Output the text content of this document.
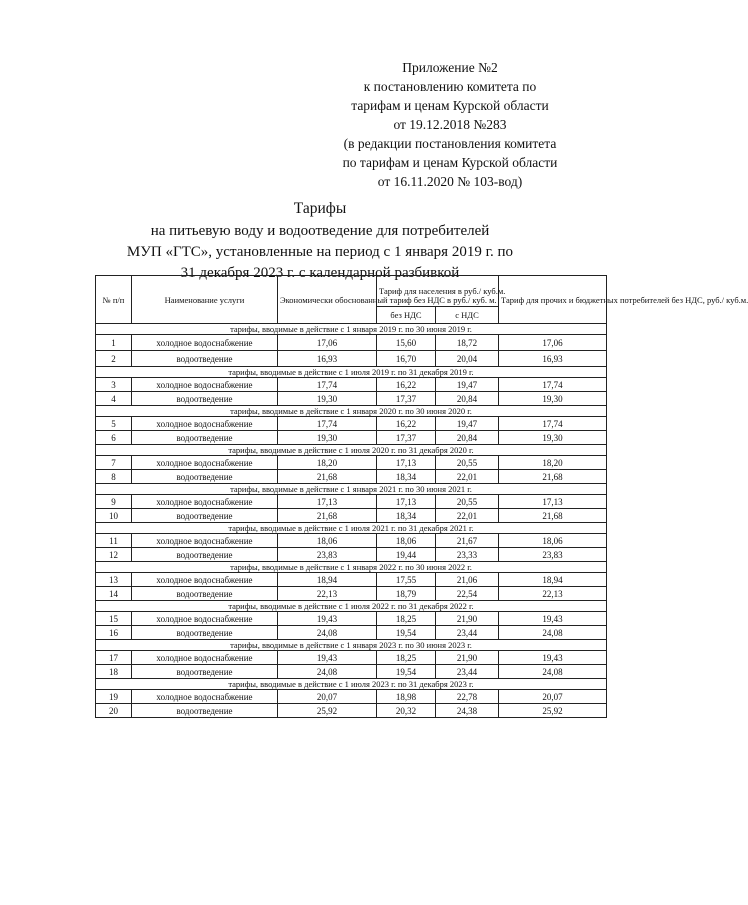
Приложение №2
к постановлению комитета по
тарифам и ценам Курской области
от 19.12.2018 №283
(в редакции постановления комитета
по тарифам и ценам Курской области
от 16.11.2020 № 103-вод)
Тарифы
на питьевую воду и водоотведение для потребителей
МУП «ГТС», установленные на период с 1 января 2019 г. по
31 декабря 2023 г. с календарной разбивкой
№ п/п	Наименование услуги	Экономически обоснованный тариф без НДС в руб./ куб. м.	Тариф для населения в руб./ куб.м.		Тариф для прочих и бюджетных потребителей без НДС, руб./ куб.м.
			без НДС	с НДС	
тарифы, вводимые в действие с 1 января 2019 г. по 30 июня 2019 г.					
1	холодное водоснабжение	17,06	15,60	18,72	17,06
2	водоотведение	16,93	16,70	20,04	16,93
тарифы, вводимые в действие с 1 июля 2019 г. по 31 декабря 2019 г.					
3	холодное водоснабжение	17,74	16,22	19,47	17,74
4	водоотведение	19,30	17,37	20,84	19,30
тарифы, вводимые в действие с 1 января 2020 г. по 30 июня 2020 г.					
5	холодное водоснабжение	17,74	16,22	19,47	17,74
6	водоотведение	19,30	17,37	20,84	19,30
тарифы, вводимые в действие с 1 июля 2020 г. по 31 декабря 2020 г.					
7	холодное водоснабжение	18,20	17,13	20,55	18,20
8	водоотведение	21,68	18,34	22,01	21,68
тарифы, вводимые в действие с 1 января 2021 г. по 30 июня 2021 г.					
9	холодное водоснабжение	17,13	17,13	20,55	17,13
10	водоотведение	21,68	18,34	22,01	21,68
тарифы, вводимые в действие с 1 июля 2021 г. по 31 декабря 2021 г.					
11	холодное водоснабжение	18,06	18,06	21,67	18,06
12	водоотведение	23,83	19,44	23,33	23,83
тарифы, вводимые в действие с 1 января 2022 г. по 30 июня 2022 г.					
13	холодное водоснабжение	18,94	17,55	21,06	18,94
14	водоотведение	22,13	18,79	22,54	22,13
тарифы, вводимые в действие с 1 июля 2022 г. по 31 декабря 2022 г.					
15	холодное водоснабжение	19,43	18,25	21,90	19,43
16	водоотведение	24,08	19,54	23,44	24,08
тарифы, вводимые в действие с 1 января 2023 г. по 30 июня 2023 г.					
17	холодное водоснабжение	19,43	18,25	21,90	19,43
18	водоотведение	24,08	19,54	23,44	24,08
тарифы, вводимые в действие с 1 июля 2023 г. по 31 декабря 2023 г.					
19	холодное водоснабжение	20,07	18,98	22,78	20,07
20	водоотведение	25,92	20,32	24,38	25,92
